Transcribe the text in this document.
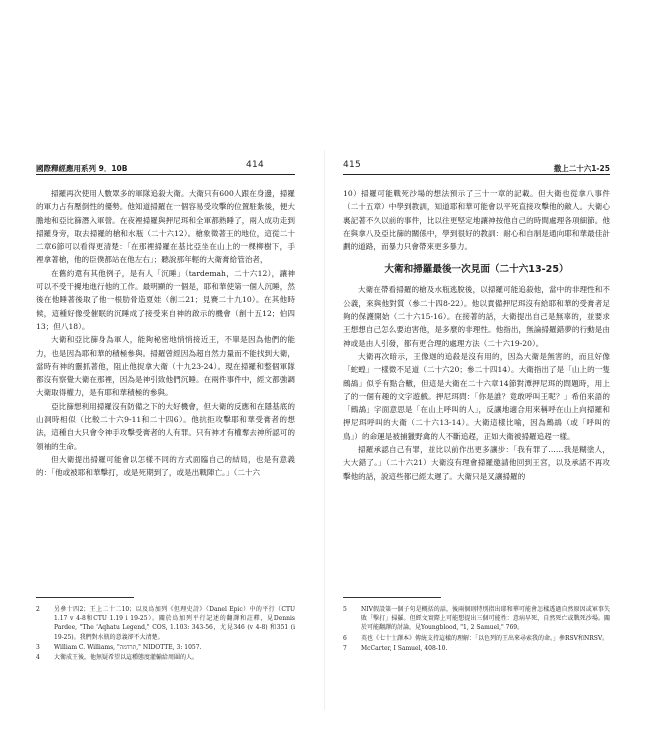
國際釋經應用系列 9．10B	414

掃羅再次使用人數眾多的軍隊追殺大衛。大衛只有600人跟在身邊，掃羅的軍力占有壓倒性的優勢。他知道掃羅在一個容易受攻擊的位置駐紮後，便大膽地和亞比篩潛入軍營。在夜裡掃羅與押尼珥和全軍都熟睡了，兩人成功走到掃羅身旁，取去掃羅的槍和水瓶（二十六12）。槍象徵著王的地位，這從二十二章6節可以看得更清楚：「在那裡掃羅在基比亞坐在山上的一棵柳樹下，手裡拿著槍，他的臣僕都站在他左右」；聽說那年輕的大衛膏給管治者，

在舊約還有其他例子，是有人「沉睡」（tardemah，二十六12），讓神可以不受干擾地進行他的工作。最明顯的一個是，耶和華使第一個人沉睡，然後在他睡著後取了他一根肋骨造夏娃（創二21；見賽二十九10）。在其他時候，這種好像受催眠的沉睡成了接受來自神的啟示的機會（創十五12；伯四13；但八18）。

大衛和亞比篩身為軍人，能夠秘密地悄悄接近王，不單是因為他們的能力，也是因為耶和華的積極參與。掃羅曾經因為超自然力量而不能找到大衛，當時有神的靈抓著他，阻止他捉拿大衛（十九23-24）。現在掃羅和整個軍隊都沒有察覺大衛在那裡，因為是神引致他們沉睡。在兩件事件中，經文都強調大衛取得權力，是有耶和華積極的參與。

亞比篩想利用掃羅沒有防備之下的大好機會，但大衛的反應和在隱基底的山洞時相似（比較二十六9-11和二十四6）。他抗拒攻擊耶和華受膏者的想法，這種自大只會令神手攻擊受膏者的人有罪。只有神才有權奪去神所認可的領袖的生命。

但大衛提出掃羅可能會以怎樣不同的方式面臨自己的結局，也是有意義的：「他或被耶和華擊打，或是死期到了，或是出戰陣亡。」（二十六

2 另參十四2；王上二十二10；以及烏加列《但理史詩》（Danel Epic）中的平行（CTU 1.17 v 4-8和CTU 1.19 i 19-25）。關於烏加列平行記述的翻譯和註釋，見Dennis Pardee, "The 'Aqhatu Legend," COS, 1.103: 343-56，尤見346 (v 4-8) 和351 (i 19-25)。我們對水瓶的意義卻不大清楚。
3 William C. Williams, "תרדמה," NIDOTTE, 3: 1057.
4 大衛成王後，他無疑希望以這種態度灌輸給周圍的人。
415	撒上二十六1-25

10）掃羅可能戰死沙場的想法預示了三十一章的記載。但大衛也從拿八事件（二十五章）中學到教訓，知道耶和華可能會以平死直接攻擊他的敵人。大衛心裏記著不久以前的事件，比以往更堅定地讓神按他自己的時間處理各項細節。他在與拿八及亞比篩的關係中，學到很好的教訓：耐心和自制是通向耶和華最佳計劃的道路，而暴力只會帶來更多暴力。

大衛和掃羅最後一次見面（二十六13-25）

大衛在帶看掃羅的槍及水瓶逃脫後，以掃羅可能追殺他，當中的非理性和不公義，來與他對質（參二十四8-22）。他以責備押尼珥沒有給耶和華的受膏者足夠的保護開始（二十六15-16）。在接著的話，大衛提出自己是無辜的，並要求王想想自己怎么要迫害他，是多麼的非理性。他指出，無論掃羅錯夢的行動是由神或是由人引發，都有更合理的處理方法（二十六19-20）。

大衛再次暗示，王像迦的追殺是沒有用的，因為大衛是無害的，而且好像「蛇蝗」一樣微不足道（二十六20；參二十四14）。大衛指出了是「山上的一隻鷓鴣」似乎有點合轍，但這是大衛在二十六章14節對潭押尼珥的問題時，用上了的一個有趣的文字遊戲。押尼珥問：「你是誰？竟敢呼叫王呢？」希伯來語的「鷓鴣」字面意思是「在山上呼叫的人」，反讓地適合用來稱呼在山上向掃羅和押尼珥呼叫的大衛（二十六13-14）。大衛這樣比喻，因為鷓鴣（或「呼叫的鳥」）的命運是被捕獵野禽的人不斷追趕，正如大衛被掃羅追趕一樣。

掃羅承認自己有罪，並比以前作出更多讓步：「我有罪了……我是糊塗人，大大錯了。」（二十六21）大衛沒有理會掃羅邀請他回到王宮，以及承諾不再攻擊他的話，說這些都已經太遲了。大衛只是叉讓掃羅的

5 NIV假設第一個子句是概括的話，後兩個則特別指出耶和華可能會怎樣透過自然原因或軍事失敗「擊打」掃羅。但經文實際上可能想提出三個可能性：意病早死，自然死亡或戰死沙場。關於可能翻譯的討論，見Youngblood, "1, 2 Samuel," 769。
6 英也《七十士譯本》傳統支持這樣的理解：「以色列的王出來尋索我的命。」參RSV和NRSV。
7 McCarter, I Samuel, 408-10.
